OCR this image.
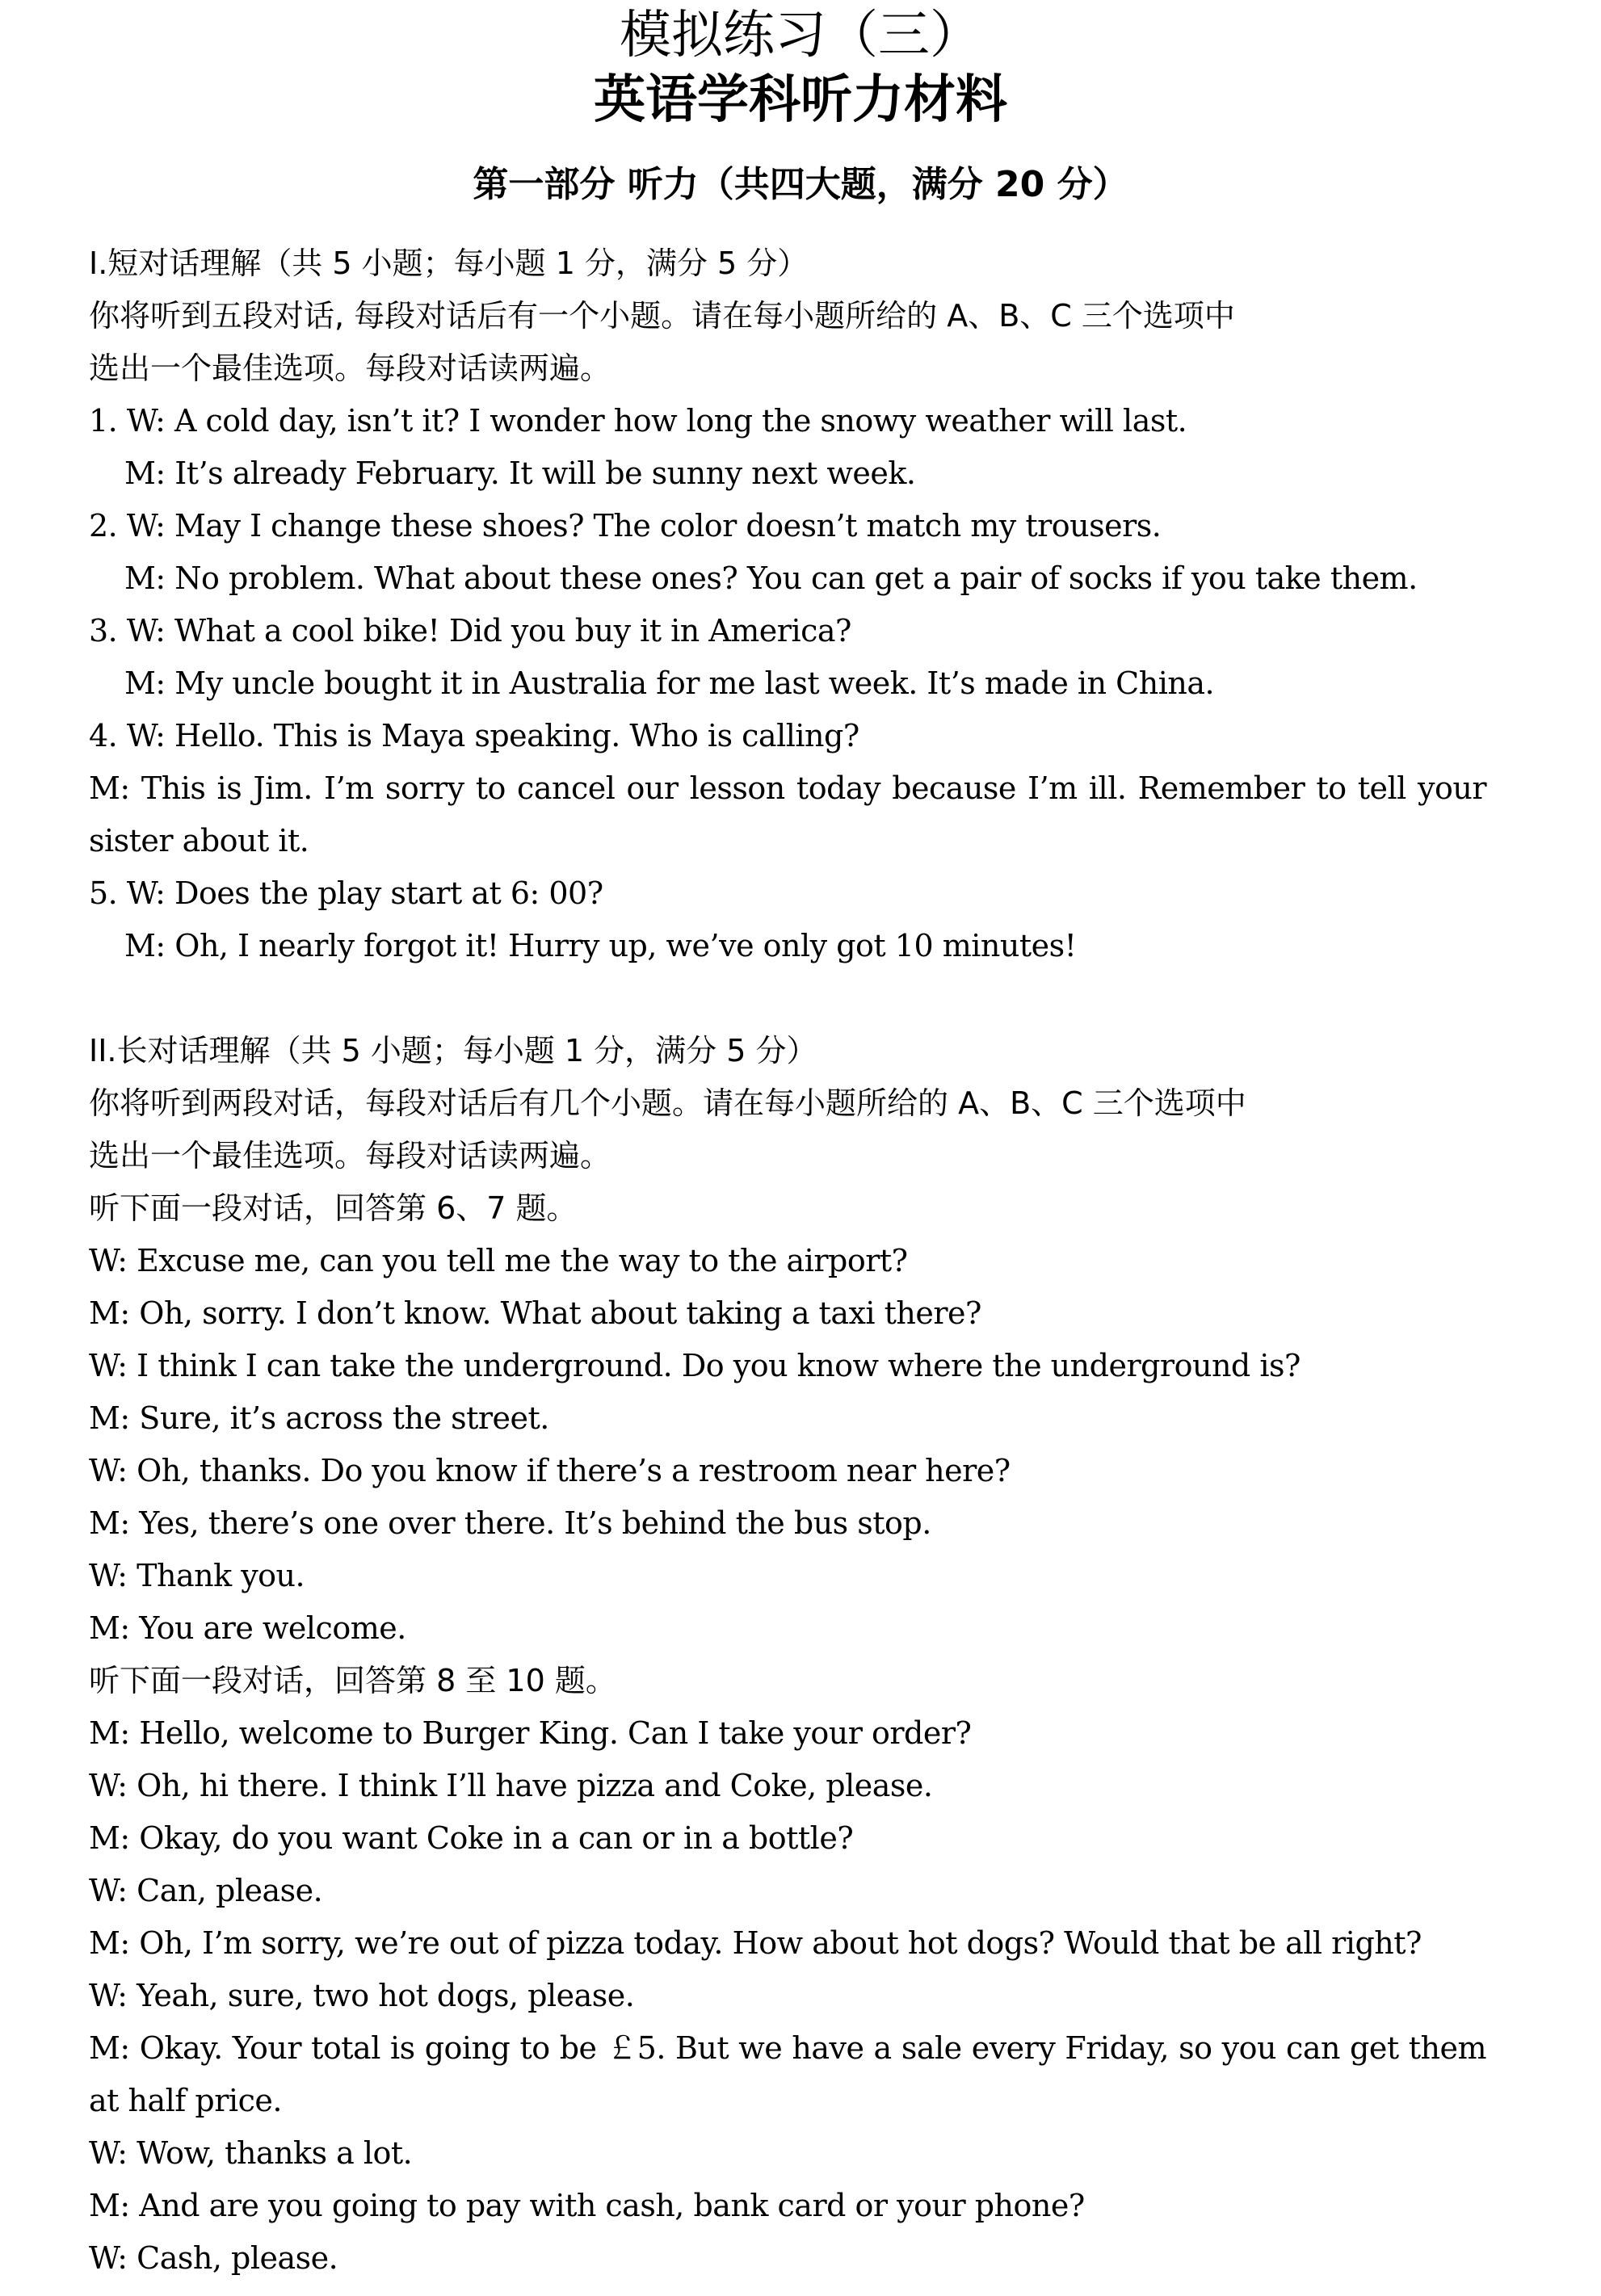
模拟练习（三）
英语学科听力材料
第一部分 听力（共四大题，满分 20 分）
I.短对话理解（共 5 小题；每小题 1 分，满分 5 分）
你将听到五段对话, 每段对话后有一个小题。请在每小题所给的 A、B、C 三个选项中
选出一个最佳选项。每段对话读两遍。
1. W: A cold day, isn’t it? I wonder how long the snowy weather will last.
M: It’s already February. It will be sunny next week.
2. W: May I change these shoes? The color doesn’t match my trousers.
M: No problem. What about these ones? You can get a pair of socks if you take them.
3. W: What a cool bike! Did you buy it in America?
M: My uncle bought it in Australia for me last week. It’s made in China.
4. W: Hello. This is Maya speaking. Who is calling?
M: This is Jim. I’m sorry to cancel our lesson today because I’m ill. Remember to tell your sister about it.
5. W: Does the play start at 6: 00?
M: Oh, I nearly forgot it! Hurry up, we’ve only got 10 minutes!
II.长对话理解（共 5 小题；每小题 1 分，满分 5 分）
你将听到两段对话，每段对话后有几个小题。请在每小题所给的 A、B、C 三个选项中
选出一个最佳选项。每段对话读两遍。
听下面一段对话，回答第 6、7 题。
W: Excuse me, can you tell me the way to the airport?
M: Oh, sorry. I don’t know. What about taking a taxi there?
W: I think I can take the underground. Do you know where the underground is?
M: Sure, it’s across the street.
W: Oh, thanks. Do you know if there’s a restroom near here?
M: Yes, there’s one over there. It’s behind the bus stop.
W: Thank you.
M: You are welcome.
听下面一段对话，回答第 8 至 10 题。
M: Hello, welcome to Burger King. Can I take your order?
W: Oh, hi there. I think I’ll have pizza and Coke, please.
M: Okay, do you want Coke in a can or in a bottle?
W: Can, please.
M: Oh, I’m sorry, we’re out of pizza today. How about hot dogs? Would that be all right?
W: Yeah, sure, two hot dogs, please.
M: Okay. Your total is going to be ￡5. But we have a sale every Friday, so you can get them at half price.
W: Wow, thanks a lot.
M: And are you going to pay with cash, bank card or your phone?
W: Cash, please.
